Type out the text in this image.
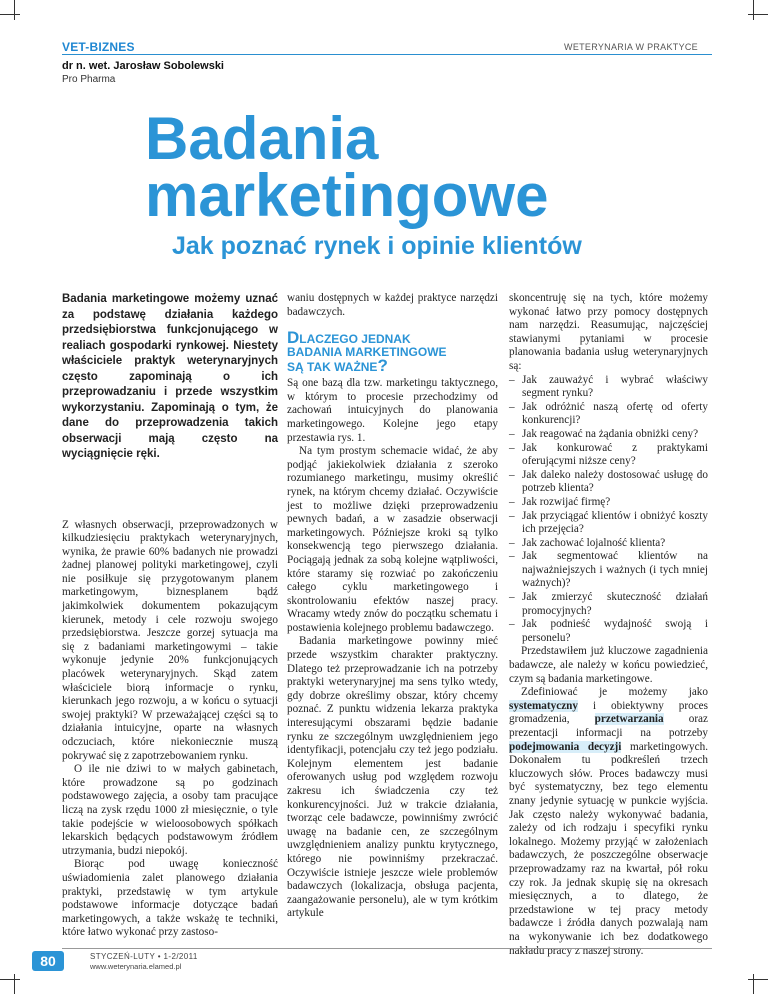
VET-BIZNES	WETERYNARIA W PRAKTYCE
dr n. wet. Jarosław Sobolewski
Pro Pharma
Badania
marketingowe
Jak poznać rynek i opinie klientów

Badania marketingowe możemy uznać za podstawę działania każdego przedsiębiorstwa funkcjonującego w realiach gospodarki rynkowej. Niestety właściciele praktyk weterynaryjnych często zapominają o ich przeprowadzaniu i przede wszystkim wykorzystaniu. Zapominają o tym, że dane do przeprowadzenia takich obserwacji mają często na wyciągnięcie ręki.

Z własnych obserwacji, przeprowadzonych w kilkudziesięciu praktykach weterynaryjnych, wynika, że prawie 60% badanych nie prowadzi żadnej planowej polityki marketingowej, czyli nie posiłkuje się przygotowanym planem marketingowym, biznesplanem bądź jakimkolwiek dokumentem pokazującym kierunek, metody i cele rozwoju swojego przedsiębiorstwa. Jeszcze gorzej sytuacja ma się z badaniami marketingowymi – takie wykonuje jedynie 20% funkcjonujących placówek weterynaryjnych. Skąd zatem właściciele biorą informacje o rynku, kierunkach jego rozwoju, a w końcu o sytuacji swojej praktyki? W przeważającej części są to działania intuicyjne, oparte na własnych odczuciach, które niekoniecznie muszą pokrywać się z zapotrzebowaniem rynku.

O ile nie dziwi to w małych gabinetach, które prowadzone są po godzinach podstawowego zajęcia, a osoby tam pracujące liczą na zysk rzędu 1000 zł miesięcznie, o tyle takie podejście w wieloosobowych spółkach lekarskich będących podstawowym źródłem utrzymania, budzi niepokój.

Biorąc pod uwagę konieczność uświadomienia zalet planowego działania praktyki, przedstawię w tym artykule podstawowe informacje dotyczące badań marketingowych, a także wskażę te techniki, które łatwo wykonać przy zastoso-

waniu dostępnych w każdej praktyce narzędzi badawczych.

DLACZEGO JEDNAK
BADANIA MARKETINGOWE
SĄ TAK WAŻNE?

Są one bazą dla tzw. marketingu taktycznego, w którym to procesie przechodzimy od zachowań intuicyjnych do planowania marketingowego. Kolejne jego etapy przestawia rys. 1.

Na tym prostym schemacie widać, że aby podjąć jakiekolwiek działania z szeroko rozumianego marketingu, musimy określić rynek, na którym chcemy działać. Oczywiście jest to możliwe dzięki przeprowadzeniu pewnych badań, a w zasadzie obserwacji marketingowych. Późniejsze kroki są tylko konsekwencją tego pierwszego działania. Pociągają jednak za sobą kolejne wątpliwości, które staramy się rozwiać po zakończeniu całego cyklu marketingowego i skontrolowaniu efektów naszej pracy. Wracamy wtedy znów do początku schematu i postawienia kolejnego problemu badawczego.

Badania marketingowe powinny mieć przede wszystkim charakter praktyczny. Dlatego też przeprowadzanie ich na potrzeby praktyki weterynaryjnej ma sens tylko wtedy, gdy dobrze określimy obszar, który chcemy poznać. Z punktu widzenia lekarza praktyka interesującymi obszarami będzie badanie rynku ze szczególnym uwzględnieniem jego identyfikacji, potencjału czy też jego podziału. Kolejnym elementem jest badanie oferowanych usług pod względem rozwoju zakresu ich świadczenia czy też konkurencyjności. Już w trakcie działania, tworząc cele badawcze, powinniśmy zwrócić uwagę na badanie cen, ze szczególnym uwzględnieniem analizy punktu krytycznego, którego nie powinniśmy przekraczać. Oczywiście istnieje jeszcze wiele problemów badawczych (lokalizacja, obsługa pacjenta, zaangażowanie personelu), ale w tym krótkim artykule

skoncentruję się na tych, które możemy wykonać łatwo przy pomocy dostępnych nam narzędzi. Reasumując, najczęściej stawianymi pytaniami w procesie planowania badania usług weterynaryjnych są:

– Jak zauważyć i wybrać właściwy segment rynku?

– Jak odróżnić naszą ofertę od oferty konkurencji?

– Jak reagować na żądania obniżki ceny?

– Jak konkurować z praktykami oferującymi niższe ceny?

– Jak daleko należy dostosować usługę do potrzeb klienta?

– Jak rozwijać firmę?

– Jak przyciągać klientów i obniżyć koszty ich przejęcia?

– Jak zachować lojalność klienta?

– Jak segmentować klientów na najważniejszych i ważnych (i tych mniej ważnych)?

– Jak zmierzyć skuteczność działań promocyjnych?

– Jak podnieść wydajność swoją i personelu?

Przedstawiłem już kluczowe zagadnienia badawcze, ale należy w końcu powiedzieć, czym są badania marketingowe.

Zdefiniować je możemy jako systematyczny i obiektywny proces gromadzenia, przetwarzania oraz prezentacji informacji na potrzeby podejmowania decyzji marketingowych. Dokonałem tu podkreśleń trzech kluczowych słów. Proces badawczy musi być systematyczny, bez tego elementu znany jedynie sytuację w punkcie wyjścia. Jak często należy wykonywać badania, zależy od ich rodzaju i specyfiki rynku lokalnego. Możemy przyjąć w założeniach badawczych, że poszczególne obserwacje przeprowadzamy raz na kwartał, pół roku czy rok. Ja jednak skupię się na okresach miesięcznych, a to dlatego, że przedstawione w tej pracy metody badawcze i źródła danych pozwalają nam na wykonywanie ich bez dodatkowego nakładu pracy z naszej strony.

80	STYCZEŃ-LUTY • 1-2/2011
www.weterynaria.elamed.pl
